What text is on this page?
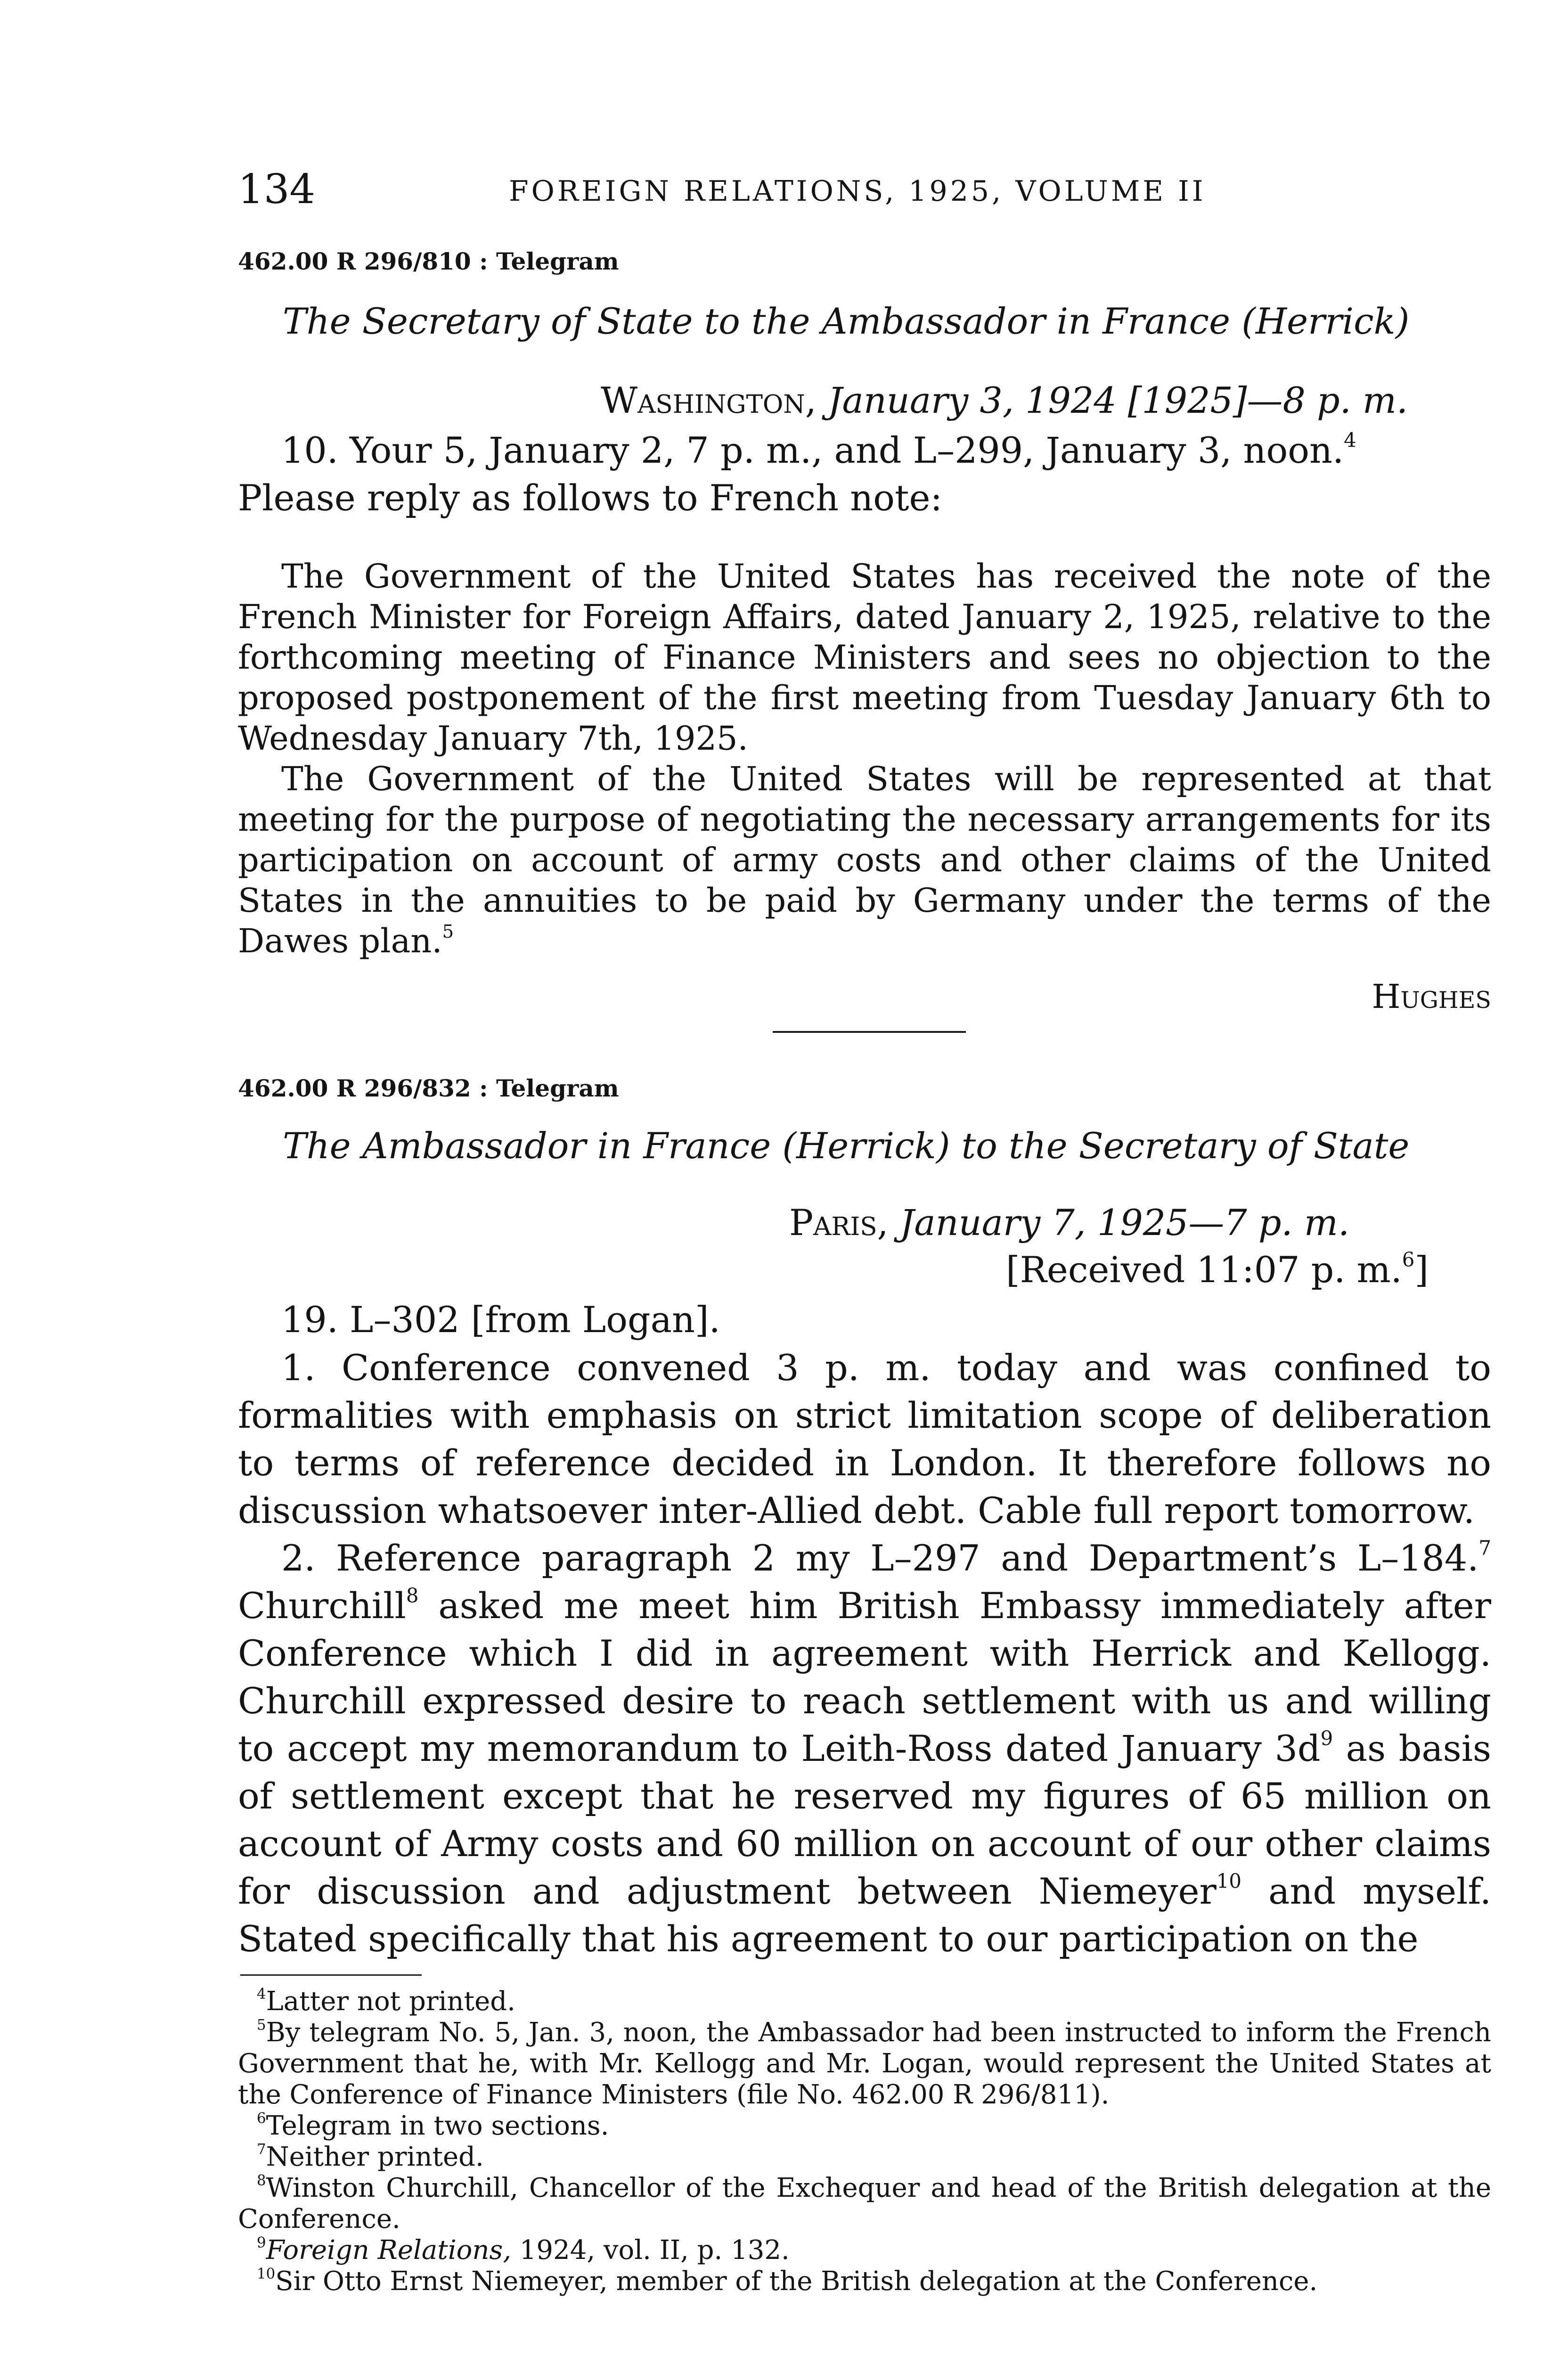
134	FOREIGN RELATIONS, 1925, VOLUME II
462.00 R 296/810 : Telegram
The Secretary of State to the Ambassador in France (Herrick)
Washington, January 3, 1924 [1925]—8 p. m.

10. Your 5, January 2, 7 p. m., and L–299, January 3, noon.$^4$

Please reply as follows to French note:

The Government of the United States has received the note of the French Minister for Foreign Affairs, dated January 2, 1925, relative to the forthcoming meeting of Finance Ministers and sees no objection to the proposed postponement of the first meeting from Tuesday January 6th to Wednesday January 7th, 1925.

The Government of the United States will be represented at that meeting for the purpose of negotiating the necessary arrangements for its participation on account of army costs and other claims of the United States in the annuities to be paid by Germany under the terms of the Dawes plan.$^5$

Hughes
462.00 R 296/832 : Telegram
The Ambassador in France (Herrick) to the Secretary of State
Paris, January 7, 1925—7 p. m.
[Received 11:07 p. m.$^6$]
19. L–302 [from Logan].

1. Conference convened 3 p. m. today and was confined to formalities with emphasis on strict limitation scope of deliberation to terms of reference decided in London. It therefore follows no discussion whatsoever inter-Allied debt. Cable full report tomorrow.

2. Reference paragraph 2 my L–297 and Department’s L–184.$^7$ Churchill$^8$ asked me meet him British Embassy immediately after Conference which I did in agreement with Herrick and Kellogg. Churchill expressed desire to reach settlement with us and willing to accept my memorandum to Leith-Ross dated January $3d^9$ as basis of settlement except that he reserved my figures of 65 million on account of Army costs and 60 million on account of our other claims for discussion and adjustment between Niemeyer$^{10}$ and myself. Stated specifically that his agreement to our participation on the

$^4$Latter not printed.

$^5$By telegram No. 5, Jan. 3, noon, the Ambassador had been instructed to inform the French Government that he, with Mr. Kellogg and Mr. Logan, would represent the United States at the Conference of Finance Ministers (file No. 462.00 R 296/811).

$^6$Telegram in two sections.

$^7$Neither printed.

$^8$Winston Churchill, Chancellor of the Exchequer and head of the British delegation at the Conference.

$^9$Foreign Relations, 1924, vol. II, p. 132.

$^{10}$Sir Otto Ernst Niemeyer, member of the British delegation at the Conference.
